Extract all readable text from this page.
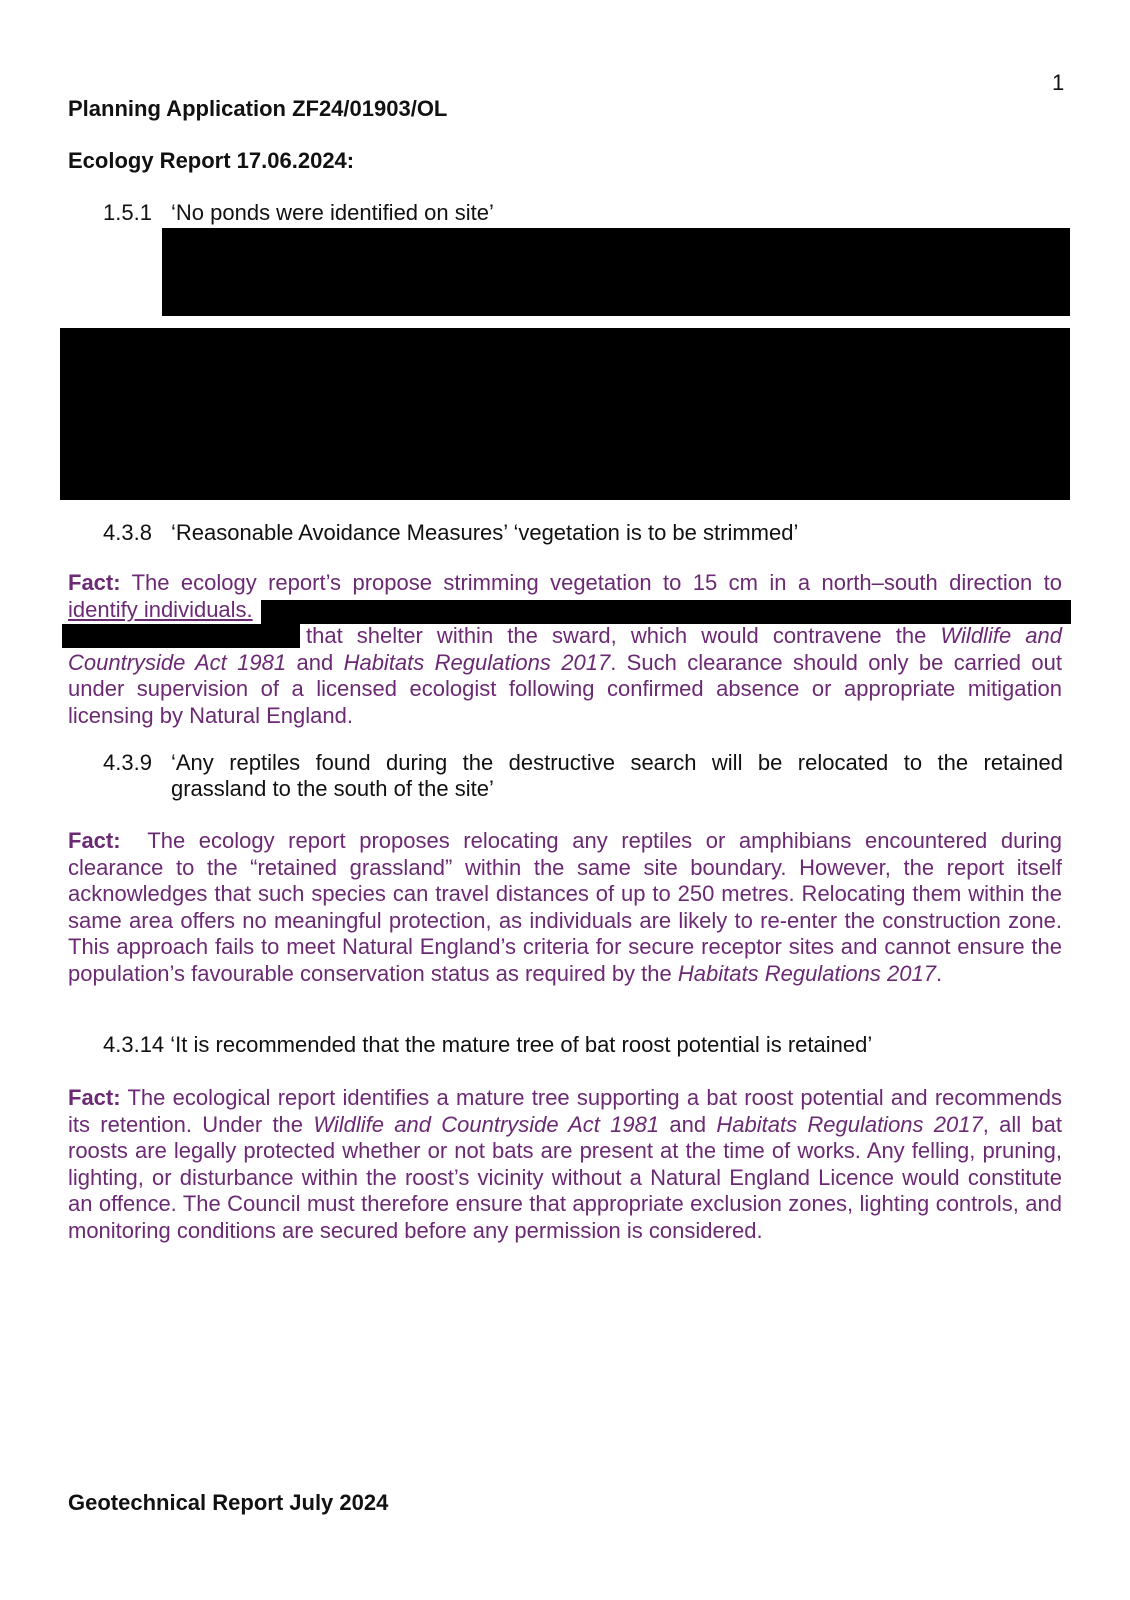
1
Planning Application ZF24/01903/OL
Ecology Report 17.06.2024:
1.5.1 ‘No ponds were identified on site’
4.3.8 ‘Reasonable Avoidance Measures’ ‘vegetation is to be strimmed’
Fact: The ecology report’s propose strimming vegetation to 15 cm in a north–south direction to
identify individuals.
that shelter within the sward, which would contravene the Wildlife and
Countryside Act 1981 and Habitats Regulations 2017. Such clearance should only be carried out
under supervision of a licensed ecologist following confirmed absence or appropriate mitigation
licensing by Natural England.
4.3.9 ‘Any reptiles found during the destructive search will be relocated to the retained
grassland to the south of the site’
Fact: The ecology report proposes relocating any reptiles or amphibians encountered during clearance to the “retained grassland” within the same site boundary. However, the report itself acknowledges that such species can travel distances of up to 250 metres. Relocating them within the same area offers no meaningful protection, as individuals are likely to re-enter the construction zone. This approach fails to meet Natural England’s criteria for secure receptor sites and cannot ensure the population’s favourable conservation status as required by the Habitats Regulations 2017.
4.3.14 ‘It is recommended that the mature tree of bat roost potential is retained’
Fact: The ecological report identifies a mature tree supporting a bat roost potential and recommends its retention. Under the Wildlife and Countryside Act 1981 and Habitats Regulations 2017, all bat roosts are legally protected whether or not bats are present at the time of works. Any felling, pruning, lighting, or disturbance within the roost’s vicinity without a Natural England Licence would constitute an offence. The Council must therefore ensure that appropriate exclusion zones, lighting controls, and monitoring conditions are secured before any permission is considered.
Geotechnical Report July 2024
